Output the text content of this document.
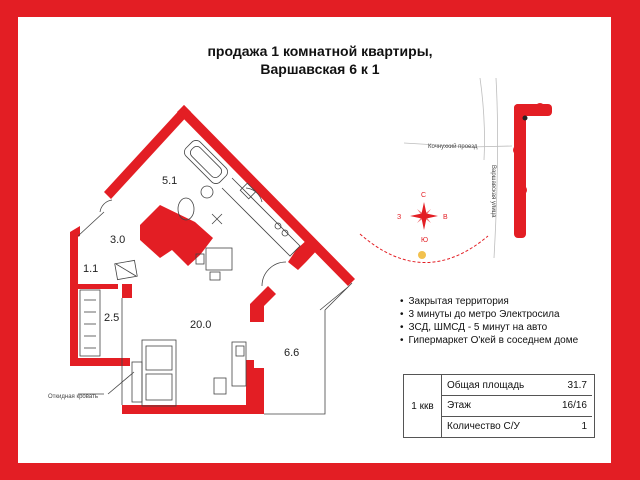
продажа 1 комнатной квартиры,
Варшавская 6 к 1
5.1
3.0
1.1
2.5
20.0
6.6
Откидная кровать
Кочнухкий проезд
Варшавская улица
С
Ю
З	В
• Закрытая территория
• 3 минуты до метро Электросила
• ЗСД, ШМСД - 5 минут на авто
• Гипермаркет О'кей в соседнем доме
1 ккв
Общая площадь	31.7
Этаж	16/16
Количество С/У	1
